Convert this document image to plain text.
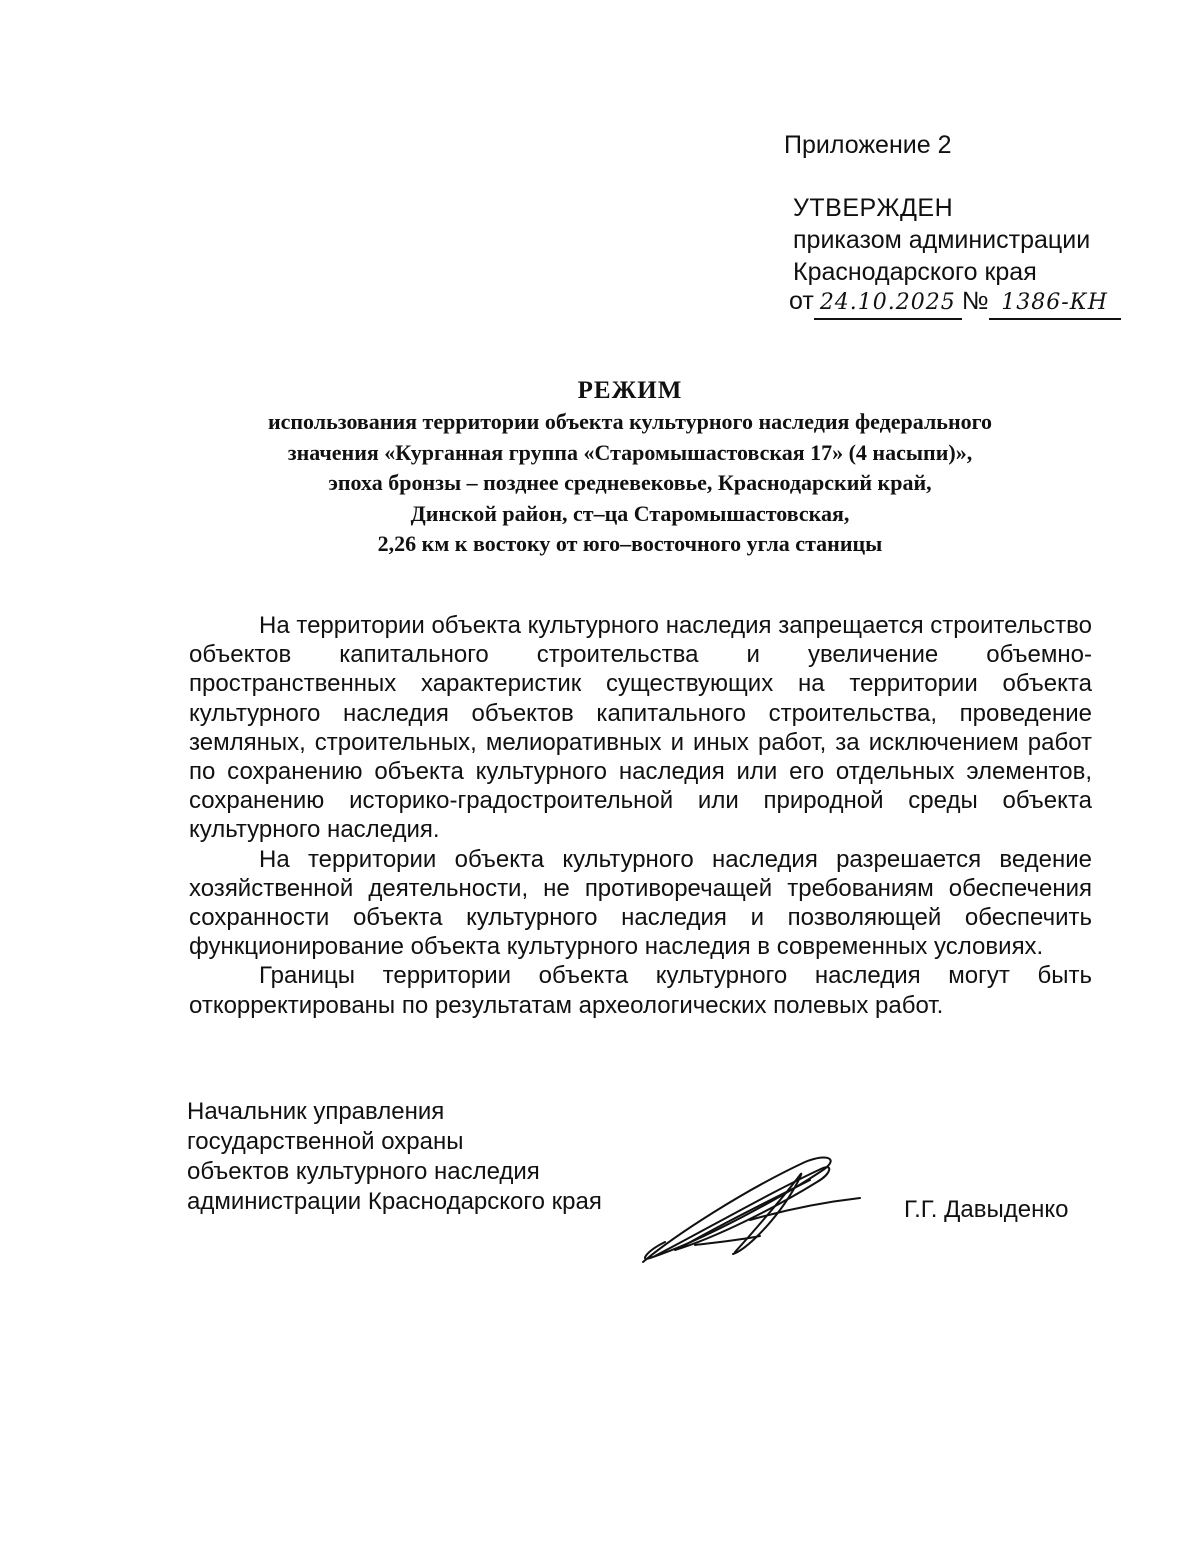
Приложение 2
УТВЕРЖДЕН
приказом администрации
Краснодарского края
от 24.10.2025 № 1386-КН
РЕЖИМ
использования территории объекта культурного наследия федерального
значения «Курганная группа «Старомышастовская 17» (4 насыпи)»,
эпоха бронзы – позднее средневековье, Краснодарский край,
Динской район, ст–ца Старомышастовская,
2,26 км к востоку от юго–восточного угла станицы

На территории объекта культурного наследия запрещается строительство объектов капитального строительства и увеличение объемно-пространственных характеристик существующих на территории объекта культурного наследия объектов капитального строительства, проведение земляных, строительных, мелиоративных и иных работ, за исключением работ по сохранению объекта культурного наследия или его отдельных элементов, сохранению историко-градостроительной или природной среды объекта культурного наследия.

На территории объекта культурного наследия разрешается ведение хозяйственной деятельности, не противоречащей требованиям обеспечения сохранности объекта культурного наследия и позволяющей обеспечить функционирование объекта культурного наследия в современных условиях.

Границы территории объекта культурного наследия могут быть откорректированы по результатам археологических полевых работ.

Начальник управления
государственной охраны
объектов культурного наследия
администрации Краснодарского края	Г.Г. Давыденко
